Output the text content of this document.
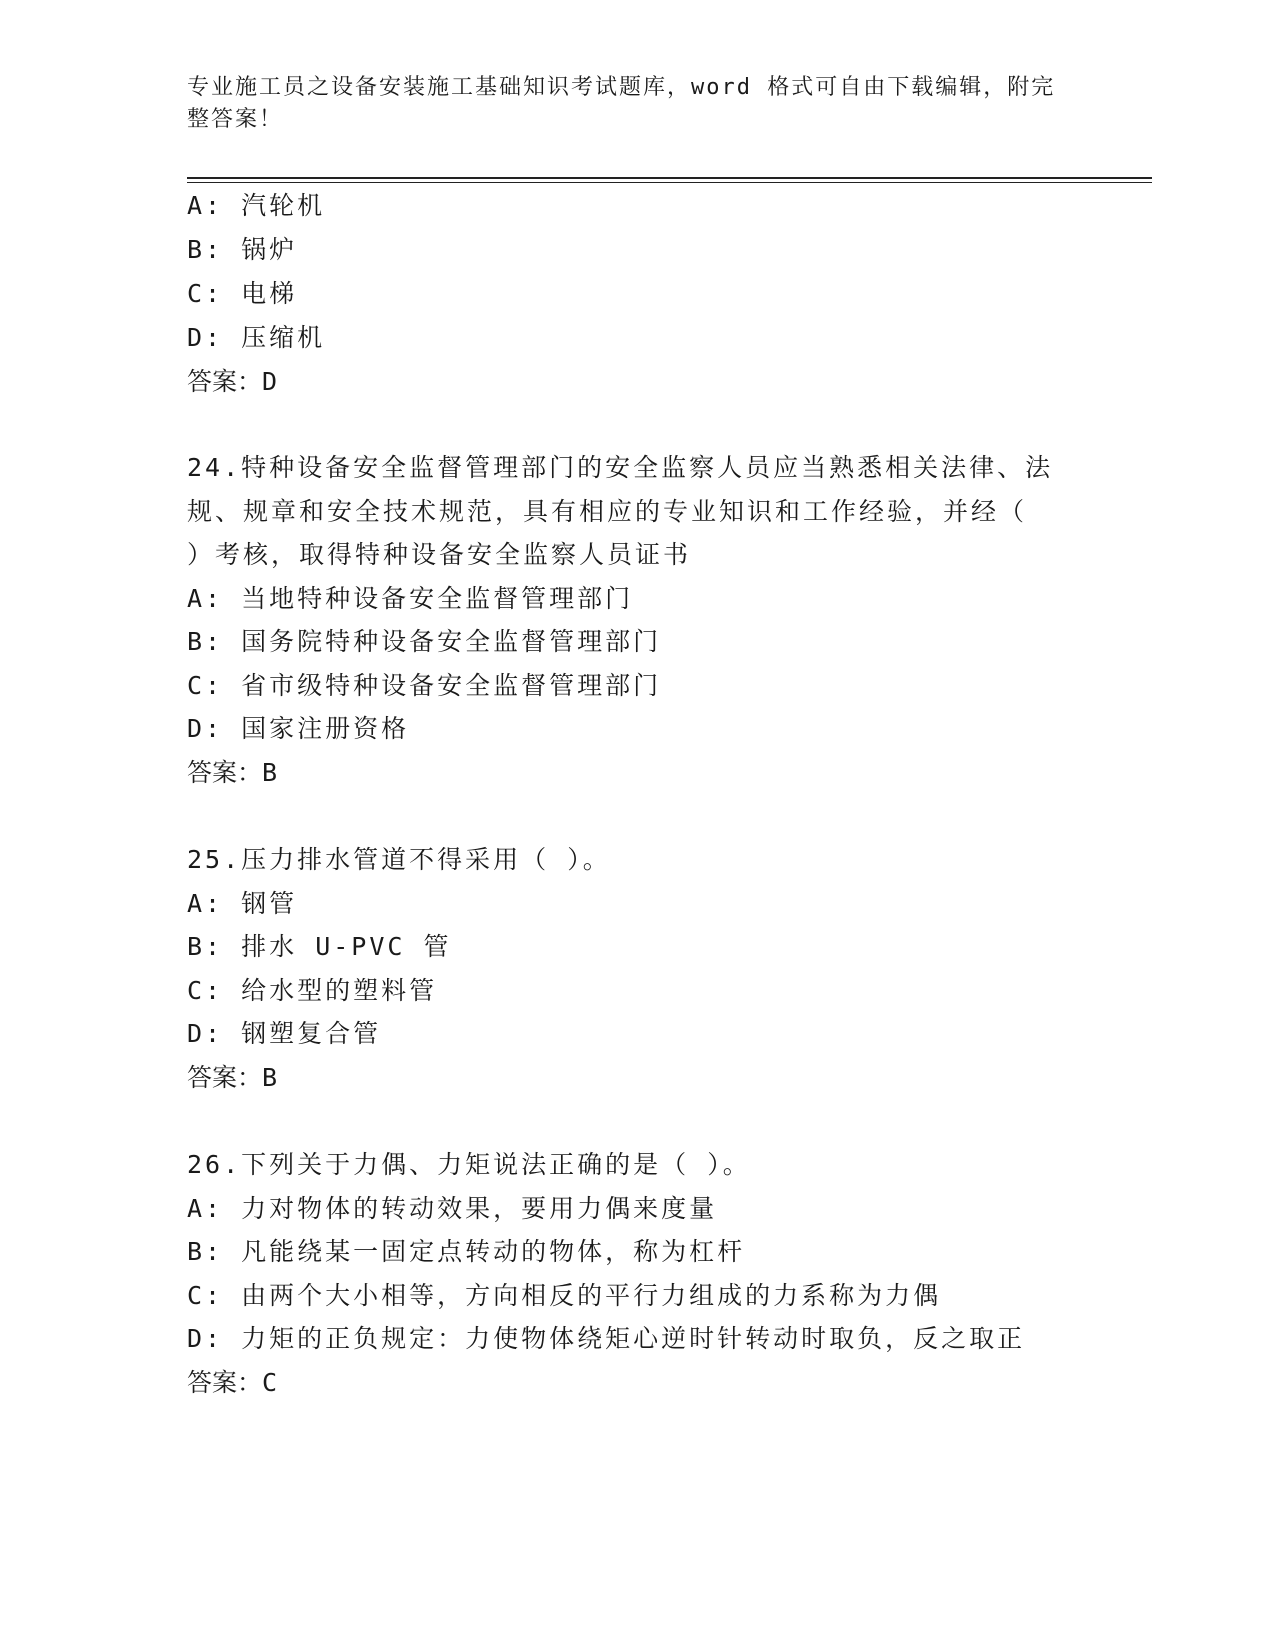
专业施工员之设备安装施工基础知识考试题库，word 格式可自由下载编辑，附完整答案！
A: 汽轮机
B: 锅炉
C: 电梯
D: 压缩机
答案：D
24.特种设备安全监督管理部门的安全监察人员应当熟悉相关法律、法
规、规章和安全技术规范，具有相应的专业知识和工作经验，并经（
）考核，取得特种设备安全监察人员证书
A: 当地特种设备安全监督管理部门
B: 国务院特种设备安全监督管理部门
C: 省市级特种设备安全监督管理部门
D: 国家注册资格
答案：B
25.压力排水管道不得采用（ ）。
A: 钢管
B: 排水 U-PVC 管
C: 给水型的塑料管
D: 钢塑复合管
答案：B
26.下列关于力偶、力矩说法正确的是（ ）。
A: 力对物体的转动效果，要用力偶来度量
B: 凡能绕某一固定点转动的物体，称为杠杆
C: 由两个大小相等，方向相反的平行力组成的力系称为力偶
D: 力矩的正负规定：力使物体绕矩心逆时针转动时取负，反之取正
答案：C
